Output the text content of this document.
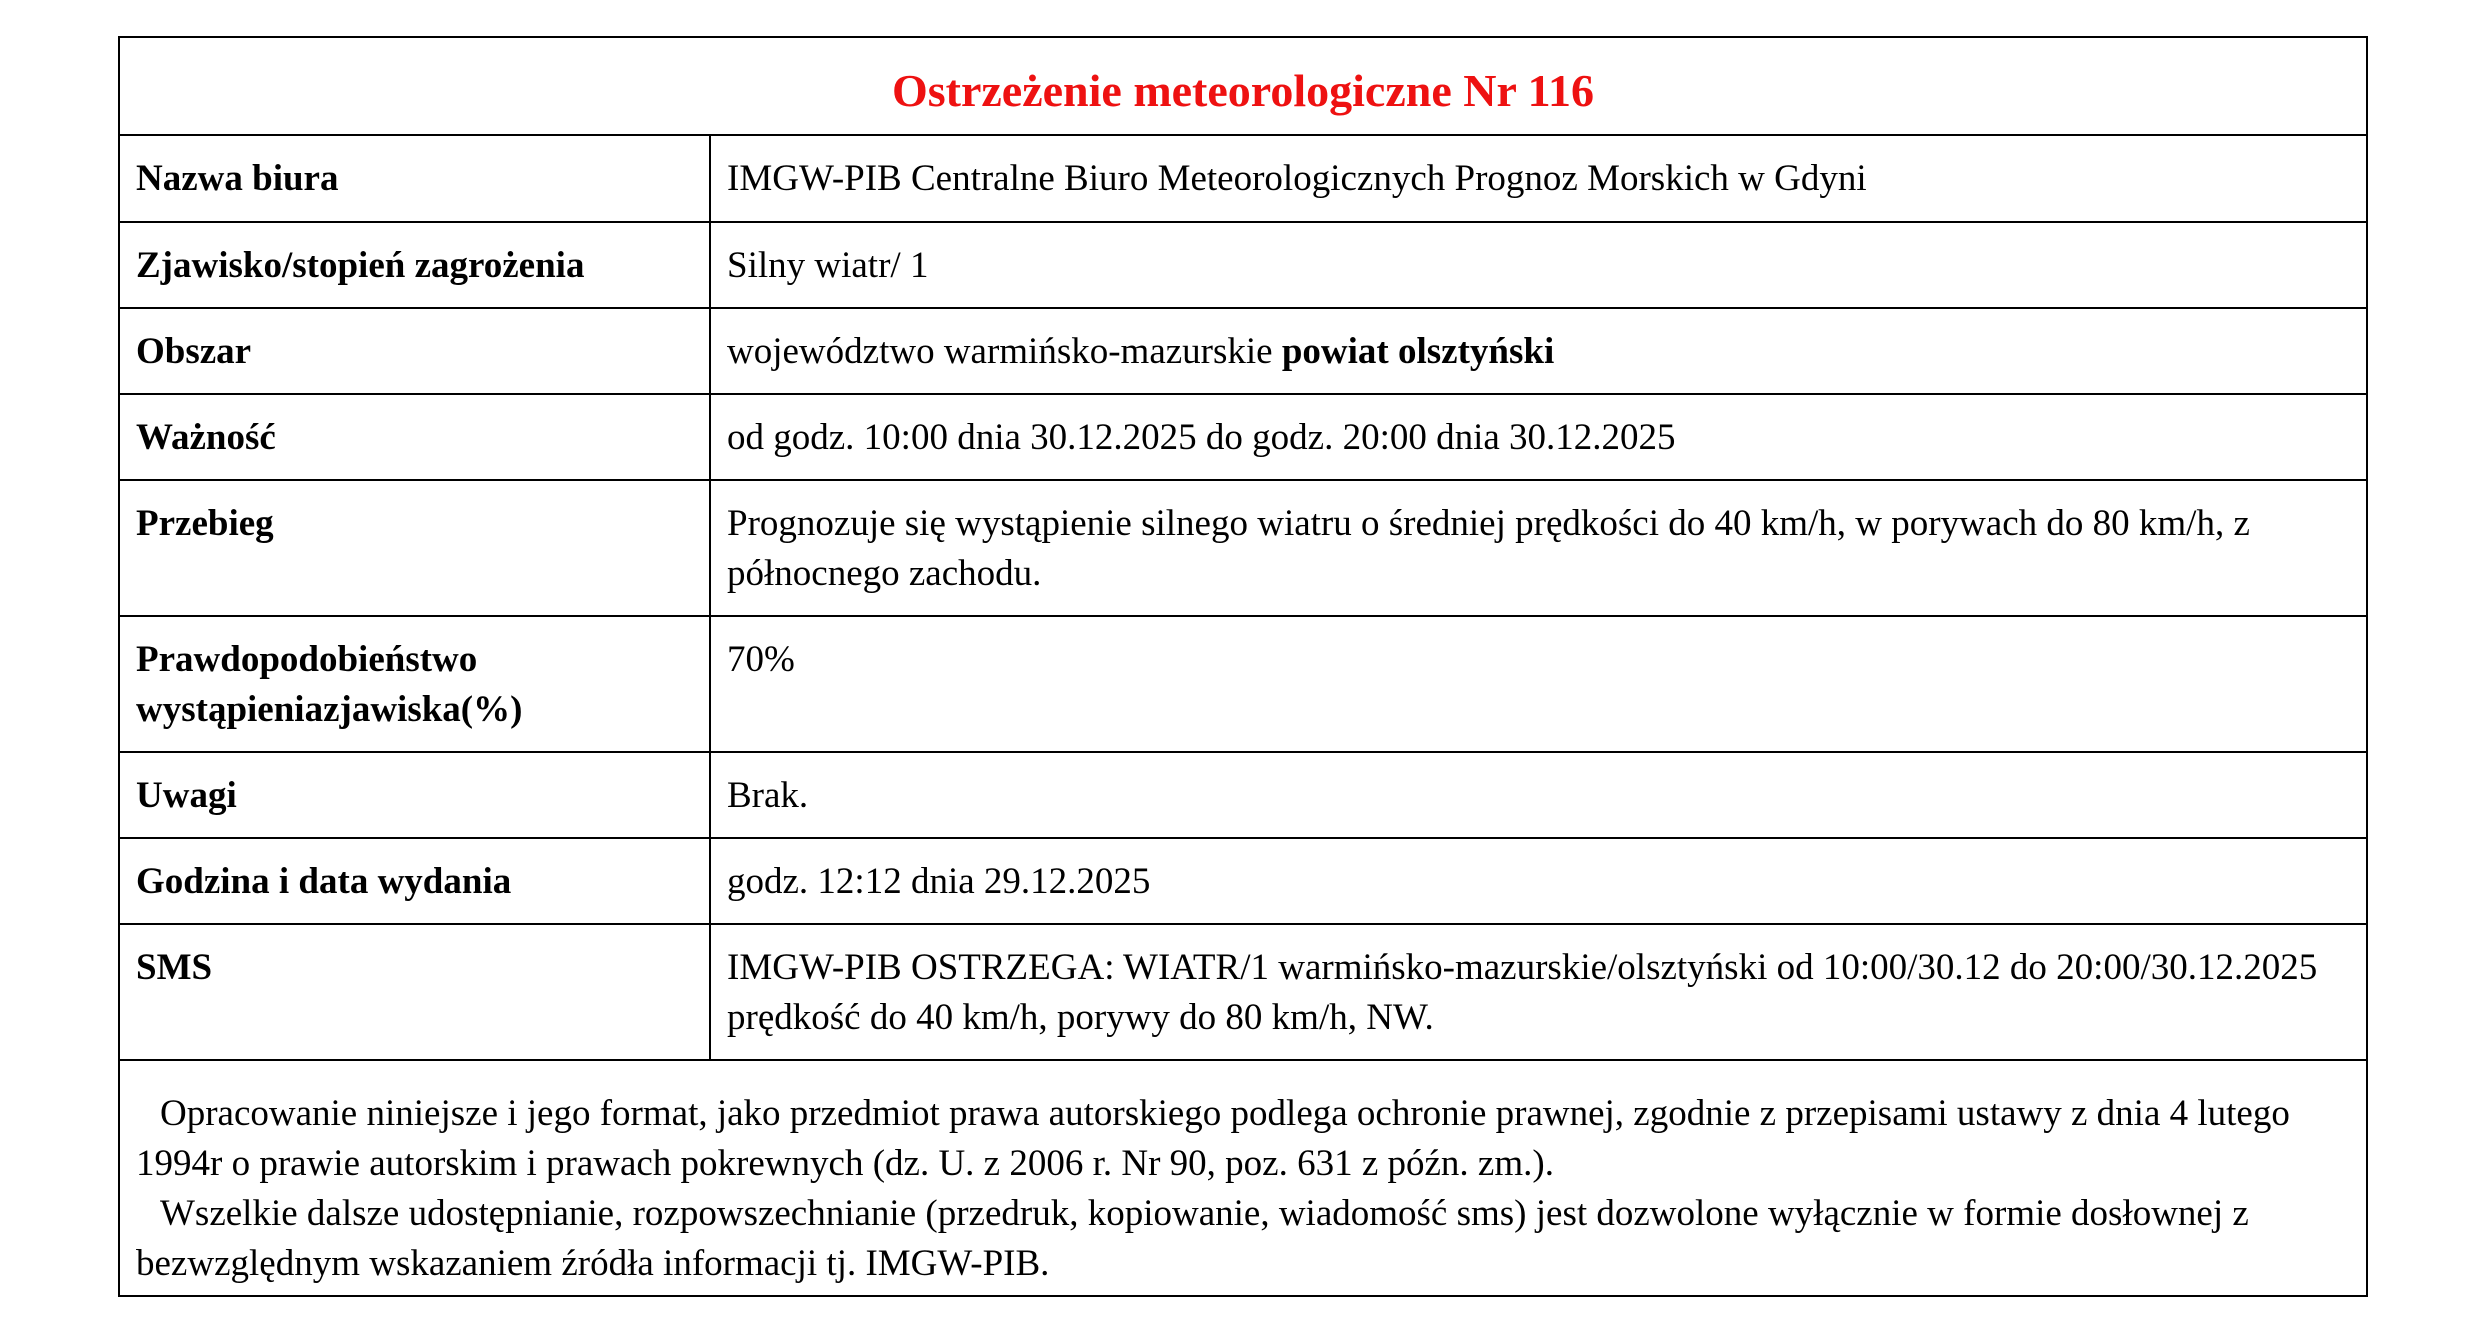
Ostrzeżenie meteorologiczne Nr 116
Nazwa biura	IMGW-PIB Centralne Biuro Meteorologicznych Prognoz Morskich w Gdyni
Zjawisko/stopień zagrożenia	Silny wiatr/ 1
Obszar	województwo warmińsko-mazurskie powiat olsztyński
Ważność	od godz. 10:00 dnia 30.12.2025 do godz. 20:00 dnia 30.12.2025
Przebieg	Prognozuje się wystąpienie silnego wiatru o średniej prędkości do 40 km/h, w porywach do 80 km/h, z północnego zachodu.
Prawdopodobieństwo wystąpieniazjawiska(%)	70%
Uwagi	Brak.
Godzina i data wydania	godz. 12:12 dnia 29.12.2025
SMS	IMGW-PIB OSTRZEGA: WIATR/1 warmińsko-mazurskie/olsztyński od 10:00/30.12 do 20:00/30.12.2025 prędkość do 40 km/h, porywy do 80 km/h, NW.

Opracowanie niniejsze i jego format, jako przedmiot prawa autorskiego podlega ochronie prawnej, zgodnie z przepisami ustawy z dnia 4 lutego 1994r o prawie autorskim i prawach pokrewnych (dz. U. z 2006 r. Nr 90, poz. 631 z późn. zm.).

Wszelkie dalsze udostępnianie, rozpowszechnianie (przedruk, kopiowanie, wiadomość sms) jest dozwolone wyłącznie w formie dosłownej z bezwzględnym wskazaniem źródła informacji tj. IMGW-PIB.
